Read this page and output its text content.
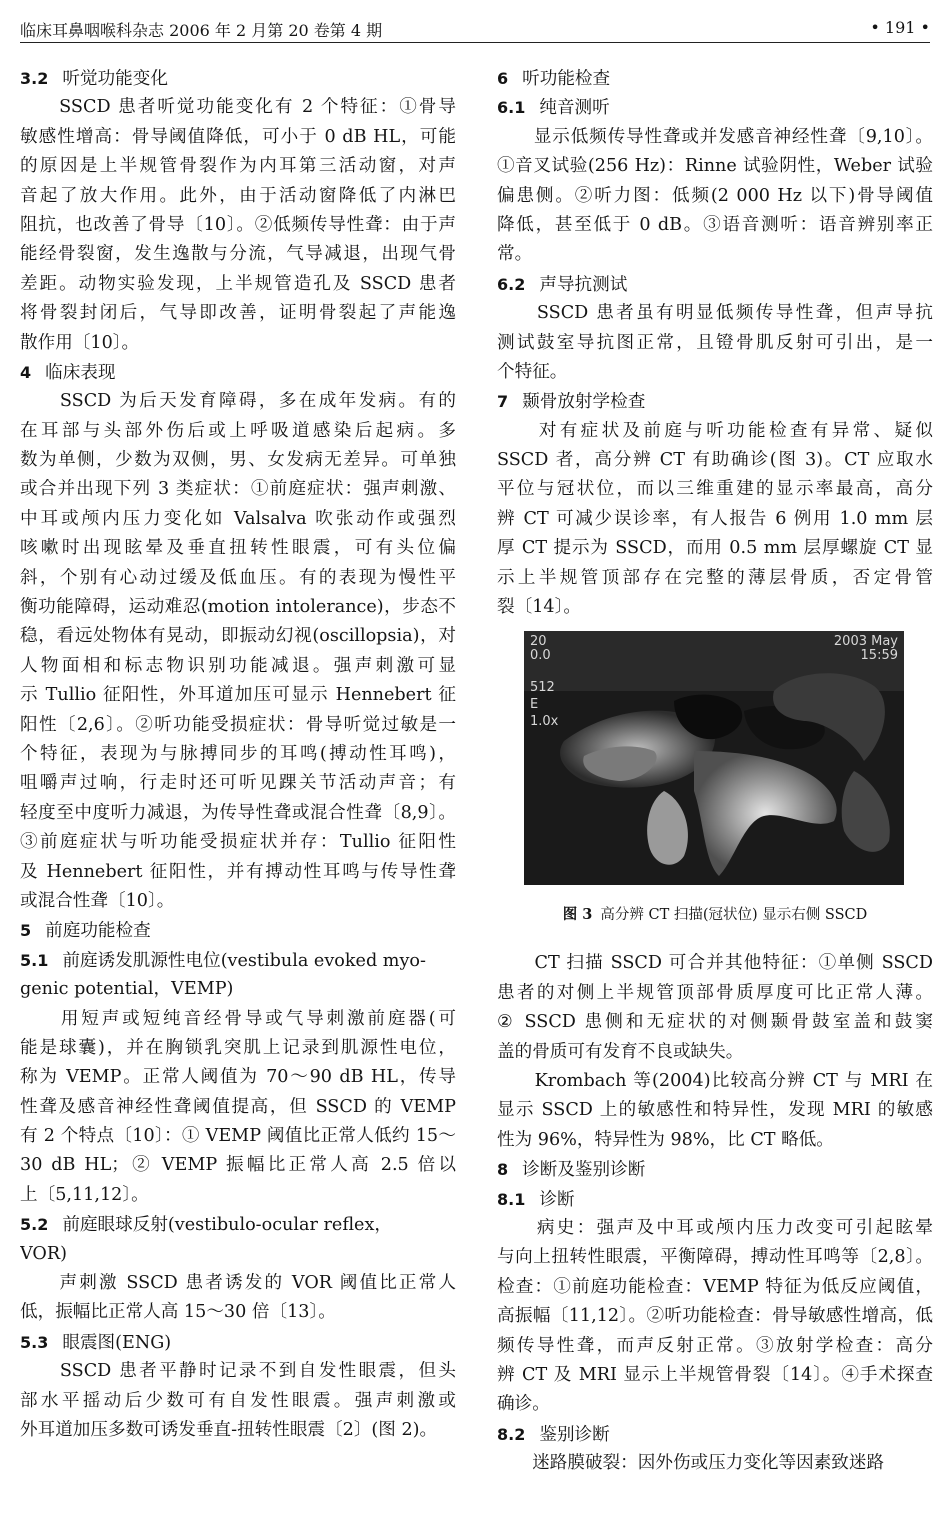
临床耳鼻咽喉科杂志 2006 年 2 月第 20 卷第 4 期	• 191 •
3.2 听觉功能变化
　　SSCD 患者听觉功能变化有 2 个特征：①骨导
敏感性增高：骨导阈值降低，可小于 0 dB HL，可能
的原因是上半规管骨裂作为内耳第三活动窗，对声
音起了放大作用。此外，由于活动窗降低了内淋巴
阻抗，也改善了骨导〔10〕。②低频传导性聋：由于声
能经骨裂窗，发生逸散与分流，气导减退，出现气骨
差距。动物实验发现，上半规管造孔及 SSCD 患者
将骨裂封闭后，气导即改善，证明骨裂起了声能逸
散作用〔10〕。
4 临床表现
　　SSCD 为后天发育障碍，多在成年发病。有的
在耳部与头部外伤后或上呼吸道感染后起病。多
数为单侧，少数为双侧，男、女发病无差异。可单独
或合并出现下列 3 类症状：①前庭症状：强声刺激、
中耳或颅内压力变化如 Valsalva 吹张动作或强烈
咳嗽时出现眩晕及垂直扭转性眼震，可有头位偏
斜，个别有心动过缓及低血压。有的表现为慢性平
衡功能障碍，运动难忍(motion intolerance)，步态不
稳，看远处物体有晃动，即振动幻视(oscillopsia)，对
人物面相和标志物识别功能减退。强声刺激可显
示 Tullio 征阳性，外耳道加压可显示 Hennebert 征
阳性〔2,6〕。②听功能受损症状：骨导听觉过敏是一
个特征，表现为与脉搏同步的耳鸣(搏动性耳鸣)，
咀嚼声过响，行走时还可听见踝关节活动声音；有
轻度至中度听力减退，为传导性聋或混合性聋〔8,9〕。
③前庭症状与听功能受损症状并存：Tullio 征阳性
及 Hennebert 征阳性，并有搏动性耳鸣与传导性聋
或混合性聋〔10〕。
5 前庭功能检查
5.1 前庭诱发肌源性电位(vestibula evoked myo-
genic potential，VEMP)
　　用短声或短纯音经骨导或气导刺激前庭器(可
能是球囊)，并在胸锁乳突肌上记录到肌源性电位，
称为 VEMP。正常人阈值为 70～90 dB HL，传导
性聋及感音神经性聋阈值提高，但 SSCD 的 VEMP
有 2 个特点〔10〕：① VEMP 阈值比正常人低约 15～
30 dB HL；② VEMP 振幅比正常人高 2.5 倍以
上〔5,11,12〕。
5.2 前庭眼球反射(vestibulo-ocular reflex，
VOR)
　　声刺激 SSCD 患者诱发的 VOR 阈值比正常人
低，振幅比正常人高 15～30 倍〔13〕。
5.3 眼震图(ENG)
　　SSCD 患者平静时记录不到自发性眼震，但头
部水平摇动后少数可有自发性眼震。强声刺激或
外耳道加压多数可诱发垂直-扭转性眼震〔2〕(图 2)。
6 听功能检查
6.1 纯音测听
　　显示低频传导性聋或并发感音神经性聋〔9,10〕。
①音叉试验(256 Hz)：Rinne 试验阴性，Weber 试验
偏患侧。②听力图：低频(2 000 Hz 以下)骨导阈值
降低，甚至低于 0 dB。③语音测听：语音辨别率正
常。
6.2 声导抗测试
　　SSCD 患者虽有明显低频传导性聋，但声导抗
测试鼓室导抗图正常，且镫骨肌反射可引出，是一
个特征。
7 颞骨放射学检查
　　对有症状及前庭与听功能检查有异常、疑似
SSCD 者，高分辨 CT 有助确诊(图 3)。CT 应取水
平位与冠状位，而以三维重建的显示率最高，高分
辨 CT 可减少误诊率，有人报告 6 例用 1.0 mm 层
厚 CT 提示为 SSCD，而用 0.5 mm 层厚螺旋 CT 显
示上半规管顶部存在完整的薄层骨质，否定骨管
裂〔14〕。
20
0.0
512
E
1.0x
2003 May
15:59
图 3 高分辨 CT 扫描(冠状位) 显示右侧 SSCD
　　CT 扫描 SSCD 可合并其他特征：①单侧 SSCD
患者的对侧上半规管顶部骨质厚度可比正常人薄。
② SSCD 患侧和无症状的对侧颞骨鼓室盖和鼓窦
盖的骨质可有发育不良或缺失。
　　Krombach 等(2004)比较高分辨 CT 与 MRI 在
显示 SSCD 上的敏感性和特异性，发现 MRI 的敏感
性为 96%，特异性为 98%，比 CT 略低。
8 诊断及鉴别诊断
8.1 诊断
　　病史：强声及中耳或颅内压力改变可引起眩晕
与向上扭转性眼震，平衡障碍，搏动性耳鸣等〔2,8〕。
检查：①前庭功能检查：VEMP 特征为低反应阈值，
高振幅〔11,12〕。②听功能检查：骨导敏感性增高，低
频传导性聋，而声反射正常。③放射学检查：高分
辨 CT 及 MRI 显示上半规管骨裂〔14〕。④手术探查
确诊。
8.2 鉴别诊断
　　迷路膜破裂：因外伤或压力变化等因素致迷路
